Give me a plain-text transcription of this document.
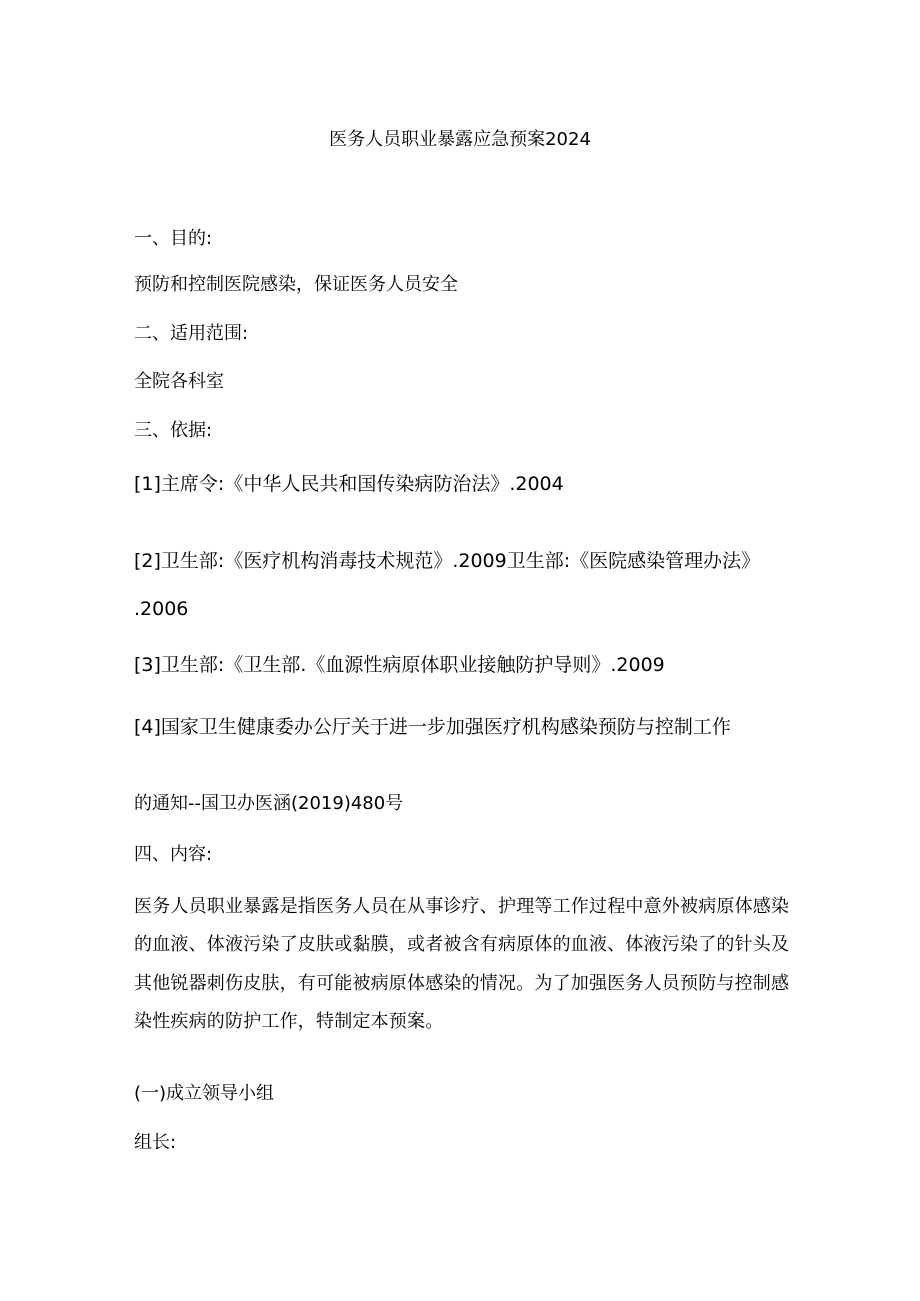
医务人员职业暴露应急预案2024

一、目的:

预防和控制医院感染，保证医务人员安全

二、适用范围:

全院各科室

三、依据:

[1]主席令:《中华人民共和国传染病防治法》.2004

[2]卫生部:《医疗机构消毒技术规范》.2009卫生部:《医院感染管理办法》

.2006

[3]卫生部:《卫生部.《血源性病原体职业接触防护导则》.2009

[4]国家卫生健康委办公厅关于进一步加强医疗机构感染预防与控制工作

的通知--国卫办医涵(2019)480号

四、内容:

医务人员职业暴露是指医务人员在从事诊疗、护理等工作过程中意外被病原体感染的血液、体液污染了皮肤或黏膜，或者被含有病原体的血液、体液污染了的针头及其他锐器刺伤皮肤，有可能被病原体感染的情况。为了加强医务人员预防与控制感染性疾病的防护工作，特制定本预案。

(一)成立领导小组

组长:
